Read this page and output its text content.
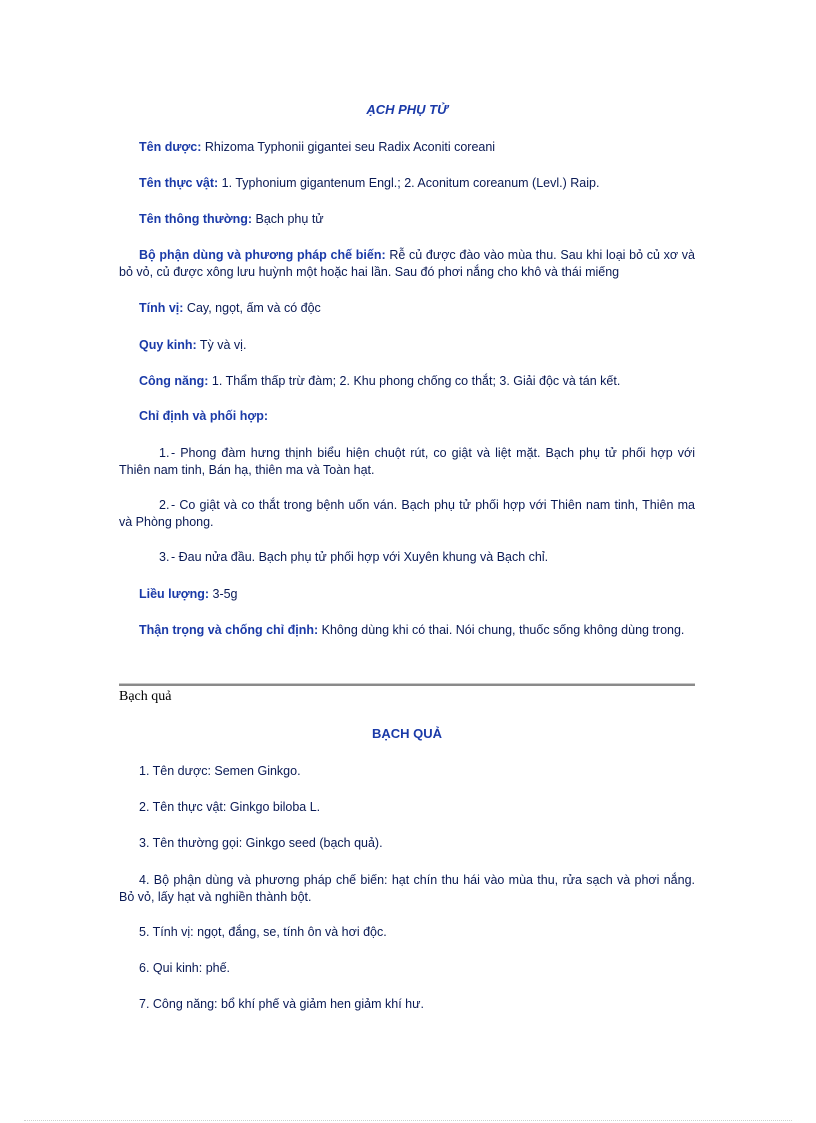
ẠCH PHỤ TỬ

Tên dược: Rhizoma Typhonii gigantei seu Radix Aconiti coreani

Tên thực vật: 1. Typhonium gigantenum Engl.; 2. Aconitum coreanum (Levl.) Raip.

Tên thông thường: Bạch phụ tử

Bộ phận dùng và phương pháp chế biến: Rễ củ được đào vào mùa thu. Sau khi loại bỏ củ xơ và bỏ vỏ, củ được xông lưu huỳnh một hoặc hai lần. Sau đó phơi nắng cho khô và thái miếng

Tính vị: Cay, ngọt, ấm và có độc

Quy kinh: Tỳ và vị.

Công năng: 1. Thẩm thấp trừ đàm; 2. Khu phong chống co thắt; 3. Giải độc và tán kết.

Chỉ định và phối hợp:

1. - Phong đàm hưng thịnh biểu hiện chuột rút, co giật và liệt mặt. Bạch phụ tử phối hợp với Thiên nam tinh, Bán hạ, thiên ma và Toàn hạt.

2. - Co giật và co thắt trong bệnh uốn ván. Bạch phụ tử phối hợp với Thiên nam tinh, Thiên ma và Phòng phong.

3. - Đau nửa đầu. Bạch phụ tử phối hợp với Xuyên khung và Bạch chỉ.

Liều lượng: 3-5g

Thận trọng và chống chỉ định: Không dùng khi có thai. Nói chung, thuốc sống không dùng trong.

Bạch quả

BẠCH QUẢ

1. Tên dược: Semen Ginkgo.

2. Tên thực vật: Ginkgo biloba L.

3. Tên thường gọi: Ginkgo seed (bạch quả).

4. Bộ phận dùng và phương pháp chế biến: hạt chín thu hái vào mùa thu, rửa sạch và phơi nắng. Bỏ vỏ, lấy hạt và nghiền thành bột.

5. Tính vị: ngọt, đắng, se, tính ôn và hơi độc.

6. Qui kinh: phế.

7. Công năng: bổ khí phế và giảm hen giảm khí hư.
